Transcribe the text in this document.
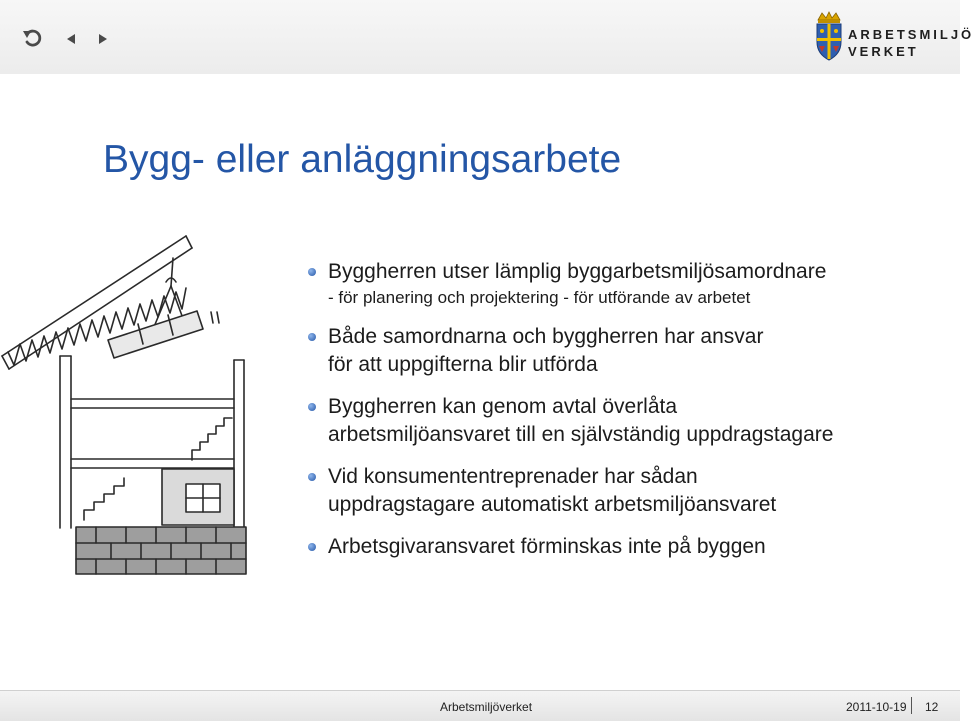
ARBETSMILJÖ
VERKET
Bygg- eller anläggningsarbete
Byggherren utser lämplig byggarbetsmiljösamordnare
- för planering och projektering - för utförande av arbetet
Både samordnarna och byggherren har ansvar
för att uppgifterna blir utförda
Byggherren kan genom avtal överlåta
arbetsmiljöansvaret till en självständig uppdragstagare
Vid konsumententreprenader har sådan
uppdragstagare automatiskt arbetsmiljöansvaret
Arbetsgivaransvaret förminskas inte på byggen
Arbetsmiljöverket	2011-10-19 12
